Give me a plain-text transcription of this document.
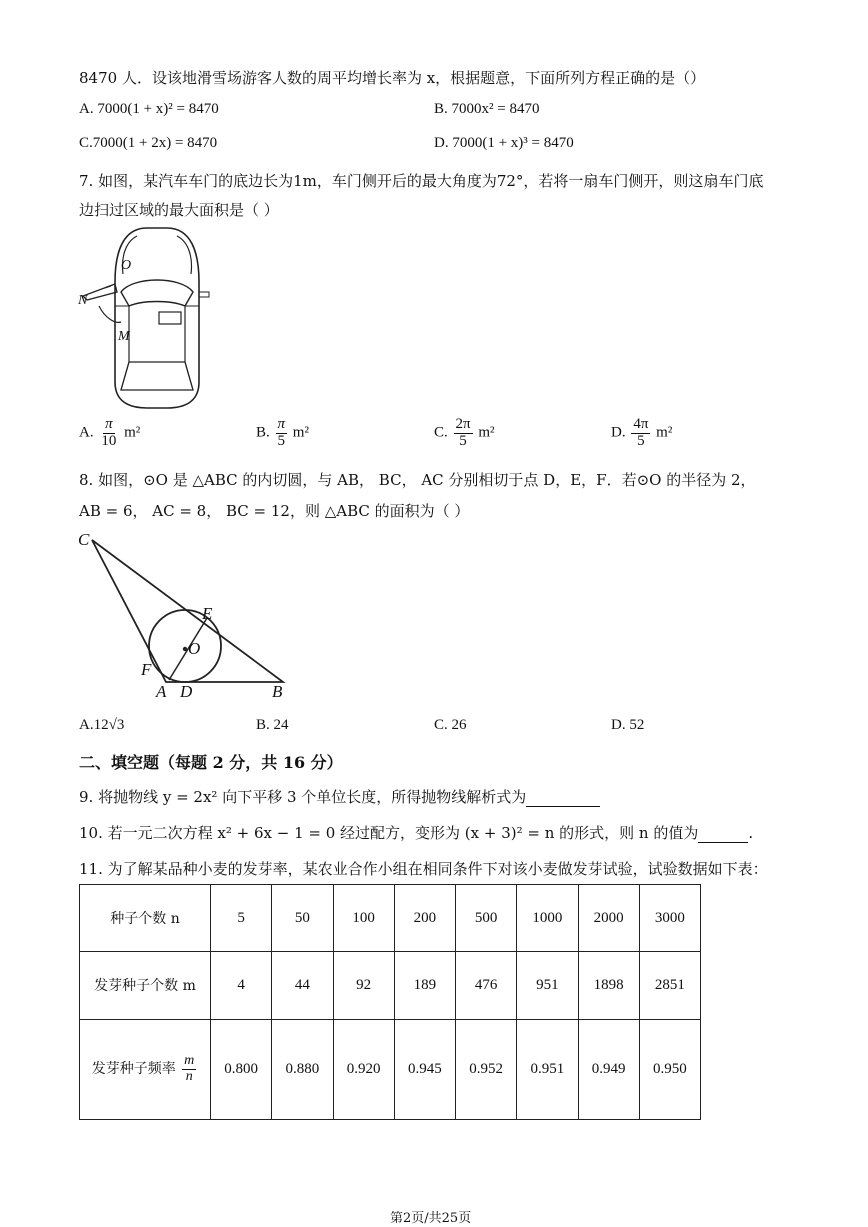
8470 人．设该地滑雪场游客人数的周平均增长率为 x，根据题意，下面所列方程正确的是（）
A. 7000(1 + x)² = 8470	B. 7000x² = 8470
C.7000(1 + 2x) = 8470	D. 7000(1 + x)³ = 8470
7. 如图，某汽车车门的底边长为1m，车门侧开后的最大角度为72°，若将一扇车门侧开，则这扇车门底
边扫过区域的最大面积是（ ）
O
N
M
A. $\frac{\pi}{10} m^2$	B. $\frac{\pi}{5} m^2$	C. $\frac{2\pi}{5} m^2$	D. $\frac{4\pi}{5} m^2$
8. 如图，⊙O 是 △ABC 的内切圆，与 AB， BC， AC 分别相切于点 D，E，F．若⊙O 的半径为 2，
AB = 6， AC = 8， BC = 12，则 △ABC 的面积为（ ）
C
E
O
F
A D	B
A.12√3	B. 24	C. 26	D. 52
二、填空题（每题 2 分，共 16 分）
9. 将抛物线 y = 2x² 向下平移 3 个单位长度，所得抛物线解析式为
10. 若一元二次方程 x² + 6x − 1 = 0 经过配方，变形为 (x + 3)² = n 的形式，则 n 的值为	.
11. 为了解某品种小麦的发芽率，某农业合作小组在相同条件下对该小麦做发芽试验，试验数据如下表：
种子个数 n	5	50	100	200	500	1000	2000	3000
发芽种子个数 m	4	44	92	189	476	951	1898	2851
发芽种子频率 $\frac{m}{n}$	0.800	0.880	0.920	0.945	0.952	0.951	0.949	0.950
第2页/共25页
